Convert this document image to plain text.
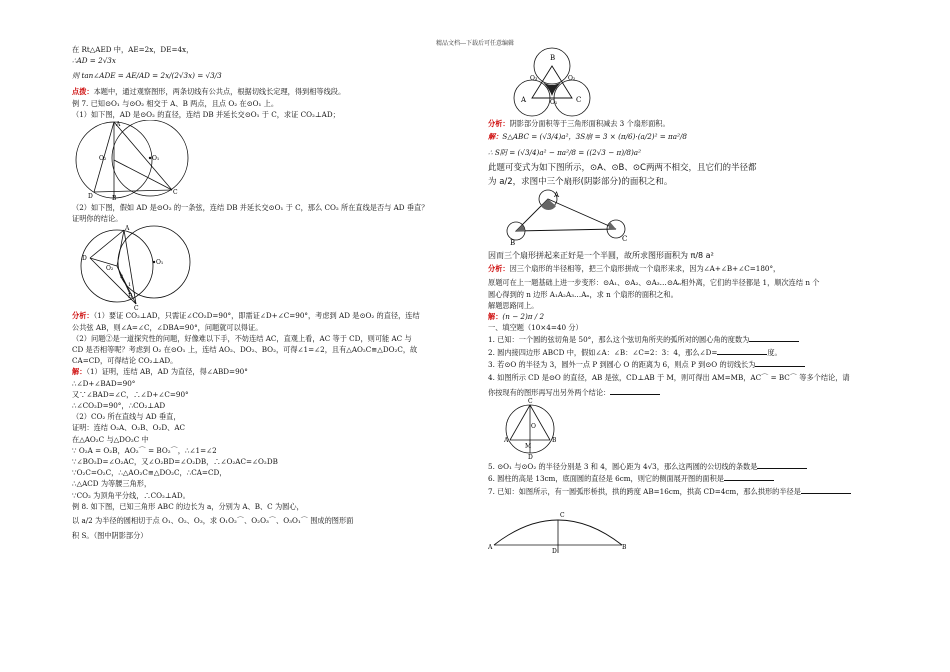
精品文档---下载后可任意编辑

在 Rt△AED 中，AE=2x，DE=4x，

∴AD = 2√3x

则 tan∠ADE = AE/AD = 2x/(2√3x) = √3/3

点拨：本题中，通过观察图形，两条切线有公共点，根据切线长定理，得到相等线段。

例 7. 已知⊙O₁ 与⊙O₂ 相交于 A、B 两点，且点 O₂ 在⊙O₁ 上。

（1）如下图，AD 是⊙O₂ 的直径，连结 DB 并延长交⊙O₁ 于 C，求证 CO₂⊥AD；

A
O₂	O₁
D	B
C

（2）如下图，假如 AD 是⊙O₂ 的一条弦，连结 DB 并延长交⊙O₁ 于 C，那么 CO₂ 所在直线是否与 AD 垂直？

证明你的结论。

A
D
O₂
O₁
1
2
B
C

分析：（1）要证 CO₂⊥AD，只需证∠CO₂D=90°，即需证∠D+∠C=90°，考虑到 AD 是⊙O₂ 的直径，连结

公共弦 AB，则∠A=∠C，∠DBA=90°，问题就可以得证。

（2）问题②是一道探究性的问题，好像难以下手，不妨连结 AC，直观上看，AC 等于 CD，则可能 AC 与

CD 是否相等呢？考虑到 O₂ 在⊙O₁ 上，连结 AO₂、DO₂、BO₂，可得∠1=∠2，且有△AO₂C≅△DO₂C，故

CA=CD，可得结论 CO₂⊥AD。

解：（1）证明，连结 AB，AD 为直径，得∠ABD=90°

∴∠D+∠BAD=90°

又∵∠BAD=∠C，∴∠D+∠C=90°

∴∠CO₂D=90°，∴CO₂⊥AD

（2）CO₂ 所在直线与 AD 垂直，

证明：连结 O₂A、O₂B、O₂D、AC

在△AO₂C 与△DO₂C 中

∵ O₂A = O₂B，AO₂⌒ = BO₂⌒，∴∠1=∠2

∵∠BO₂D=∠O₂AC，又∠O₂BD=∠O₂DB，∴∠O₂AC=∠O₂DB

∵O₂C=O₂C，∴△AO₂C≅△DO₂C，∴CA=CD，

∴△ACD 为等腰三角形，

∵CO₂ 为顶角平分线，∴CO₂⊥AD。

例 8. 如下图，已知三角形 ABC 的边长为 a，分别为 A、B、C 为圆心，

以 a/2 为半径的圆相切于点 O₁、O₂、O₃，求 O₁O₂⌒、O₂O₃⌒、O₃O₁⌒ 围成的图形面

积 S。（图中阴影部分）

B
A	C
O₃	O₂
O₁

分析：阴影部分面积等于三角形面积减去 3 个扇形面积。

解：S△ABC = (√3/4)a²，3S扇 = 3 × (π/6)·(a/2)² = πa²/8

∴ S阴 = (√3/4)a² − πa²/8 = ((2√3 − π)/8)a²

此题可变式为如下图所示，⊙A、⊙B、⊙C两两不相交，且它们的半径都

为 a/2，求图中三个扇形(阴影部分)的面积之和。

A
B	C

因而三个扇形拼起来正好是一个半圆，故所求图形面积为 π/8 a²

分析：因三个扇形的半径相等，把三个扇形拼成一个扇形来求，因为∠A+∠B+∠C=180°，

原题可在上一题基础上进一步变形：⊙A₁、⊙A₂、⊙A₃…⊙Aₙ相外离，它们的半径都是 1，顺次连结 n 个

圆心得到的 n 边形 A₁A₂A₃…Aₙ，求 n 个扇形的面积之和。

解题思路同上。

解：(n − 2)π / 2

一、填空题（10×4=40 分）

1. 已知：一个圆的弦切角是 50°，那么这个弦切角所夹的弧所对的圆心角的度数为

2. 圆内接四边形 ABCD 中，假如∠A：∠B：∠C=2：3：4，那么∠D=	度。

3. 若⊙O 的半径为 3，圆外一点 P 到圆心 O 的距离为 6，则点 P 到⊙O 的切线长为

4. 如图所示 CD 是⊙O 的直径，AB 是弦，CD⊥AB 于 M，则可得出 AM=MB，AC⌒ = BC⌒ 等多个结论，请

你按现有的图形再写出另外两个结论：

C
A	B
O
M
D

5. ⊙O₁ 与⊙O₂ 的半径分别是 3 和 4，圆心距为 4√3，那么这两圆的公切线的条数是

6. 圆柱的高是 13cm，底面圆的直径是 6cm，则它的侧面展开图的面积是

7. 已知：如图所示，有一圆弧形桥拱，拱的跨度 AB=16cm，拱高 CD=4cm，那么拱形的半径是

C
A	B
D
